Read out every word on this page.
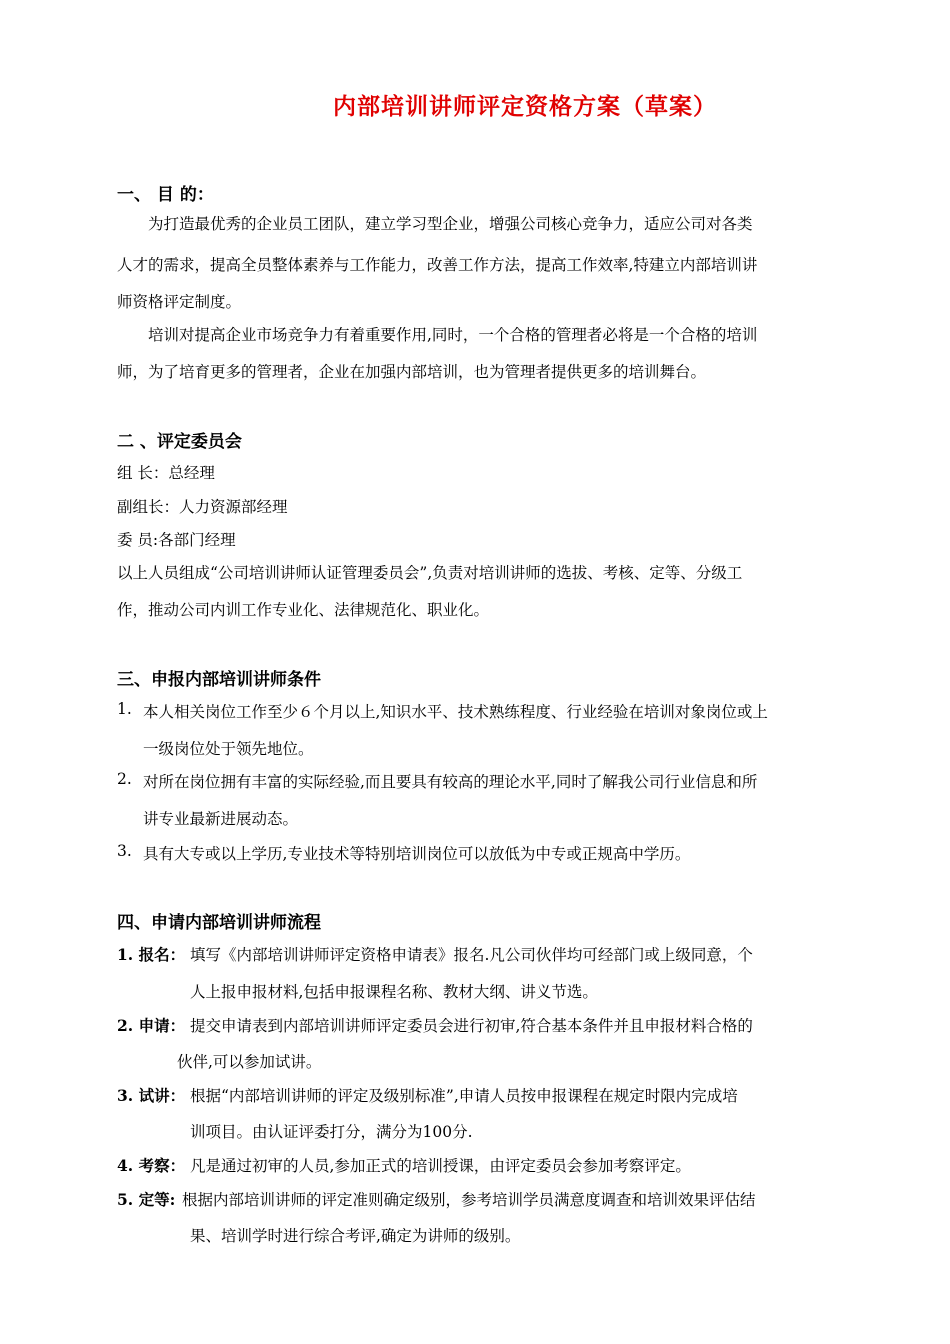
内部培训讲师评定资格方案（草案）
一、 目 的：
为打造最优秀的企业员工团队，建立学习型企业，增强公司核心竞争力，适应公司对各类
人才的需求，提高全员整体素养与工作能力，改善工作方法，提高工作效率,特建立内部培训讲
师资格评定制度。
培训对提高企业市场竞争力有着重要作用,同时，一个合格的管理者必将是一个合格的培训
师，为了培育更多的管理者，企业在加强内部培训，也为管理者提供更多的培训舞台。
二 、评定委员会
组 长：总经理
副组长：人力资源部经理
委 员:各部门经理
以上人员组成“公司培训讲师认证管理委员会”,负责对培训讲师的选拔、考核、定等、分级工
作，推动公司内训工作专业化、法律规范化、职业化。
三、申报内部培训讲师条件
1. 本人相关岗位工作至少６个月以上,知识水平、技术熟练程度、行业经验在培训对象岗位或上
一级岗位处于领先地位。
2. 对所在岗位拥有丰富的实际经验,而且要具有较高的理论水平,同时了解我公司行业信息和所
讲专业最新进展动态。
3. 具有大专或以上学历,专业技术等特别培训岗位可以放低为中专或正规高中学历。
四、申请内部培训讲师流程
1. 报名： 填写《内部培训讲师评定资格申请表》报名.凡公司伙伴均可经部门或上级同意，个
人上报申报材料,包括申报课程名称、教材大纲、讲义节选。
2. 申请： 提交申请表到内部培训讲师评定委员会进行初审,符合基本条件并且申报材料合格的
伙伴,可以参加试讲。
3. 试讲： 根据“内部培训讲师的评定及级别标准”,申请人员按申报课程在规定时限内完成培
训项目。由认证评委打分，满分为100分.
4. 考察： 凡是通过初审的人员,参加正式的培训授课，由评定委员会参加考察评定。
5. 定等: 根据内部培训讲师的评定准则确定级别，参考培训学员满意度调查和培训效果评估结
果、培训学时进行综合考评,确定为讲师的级别。
